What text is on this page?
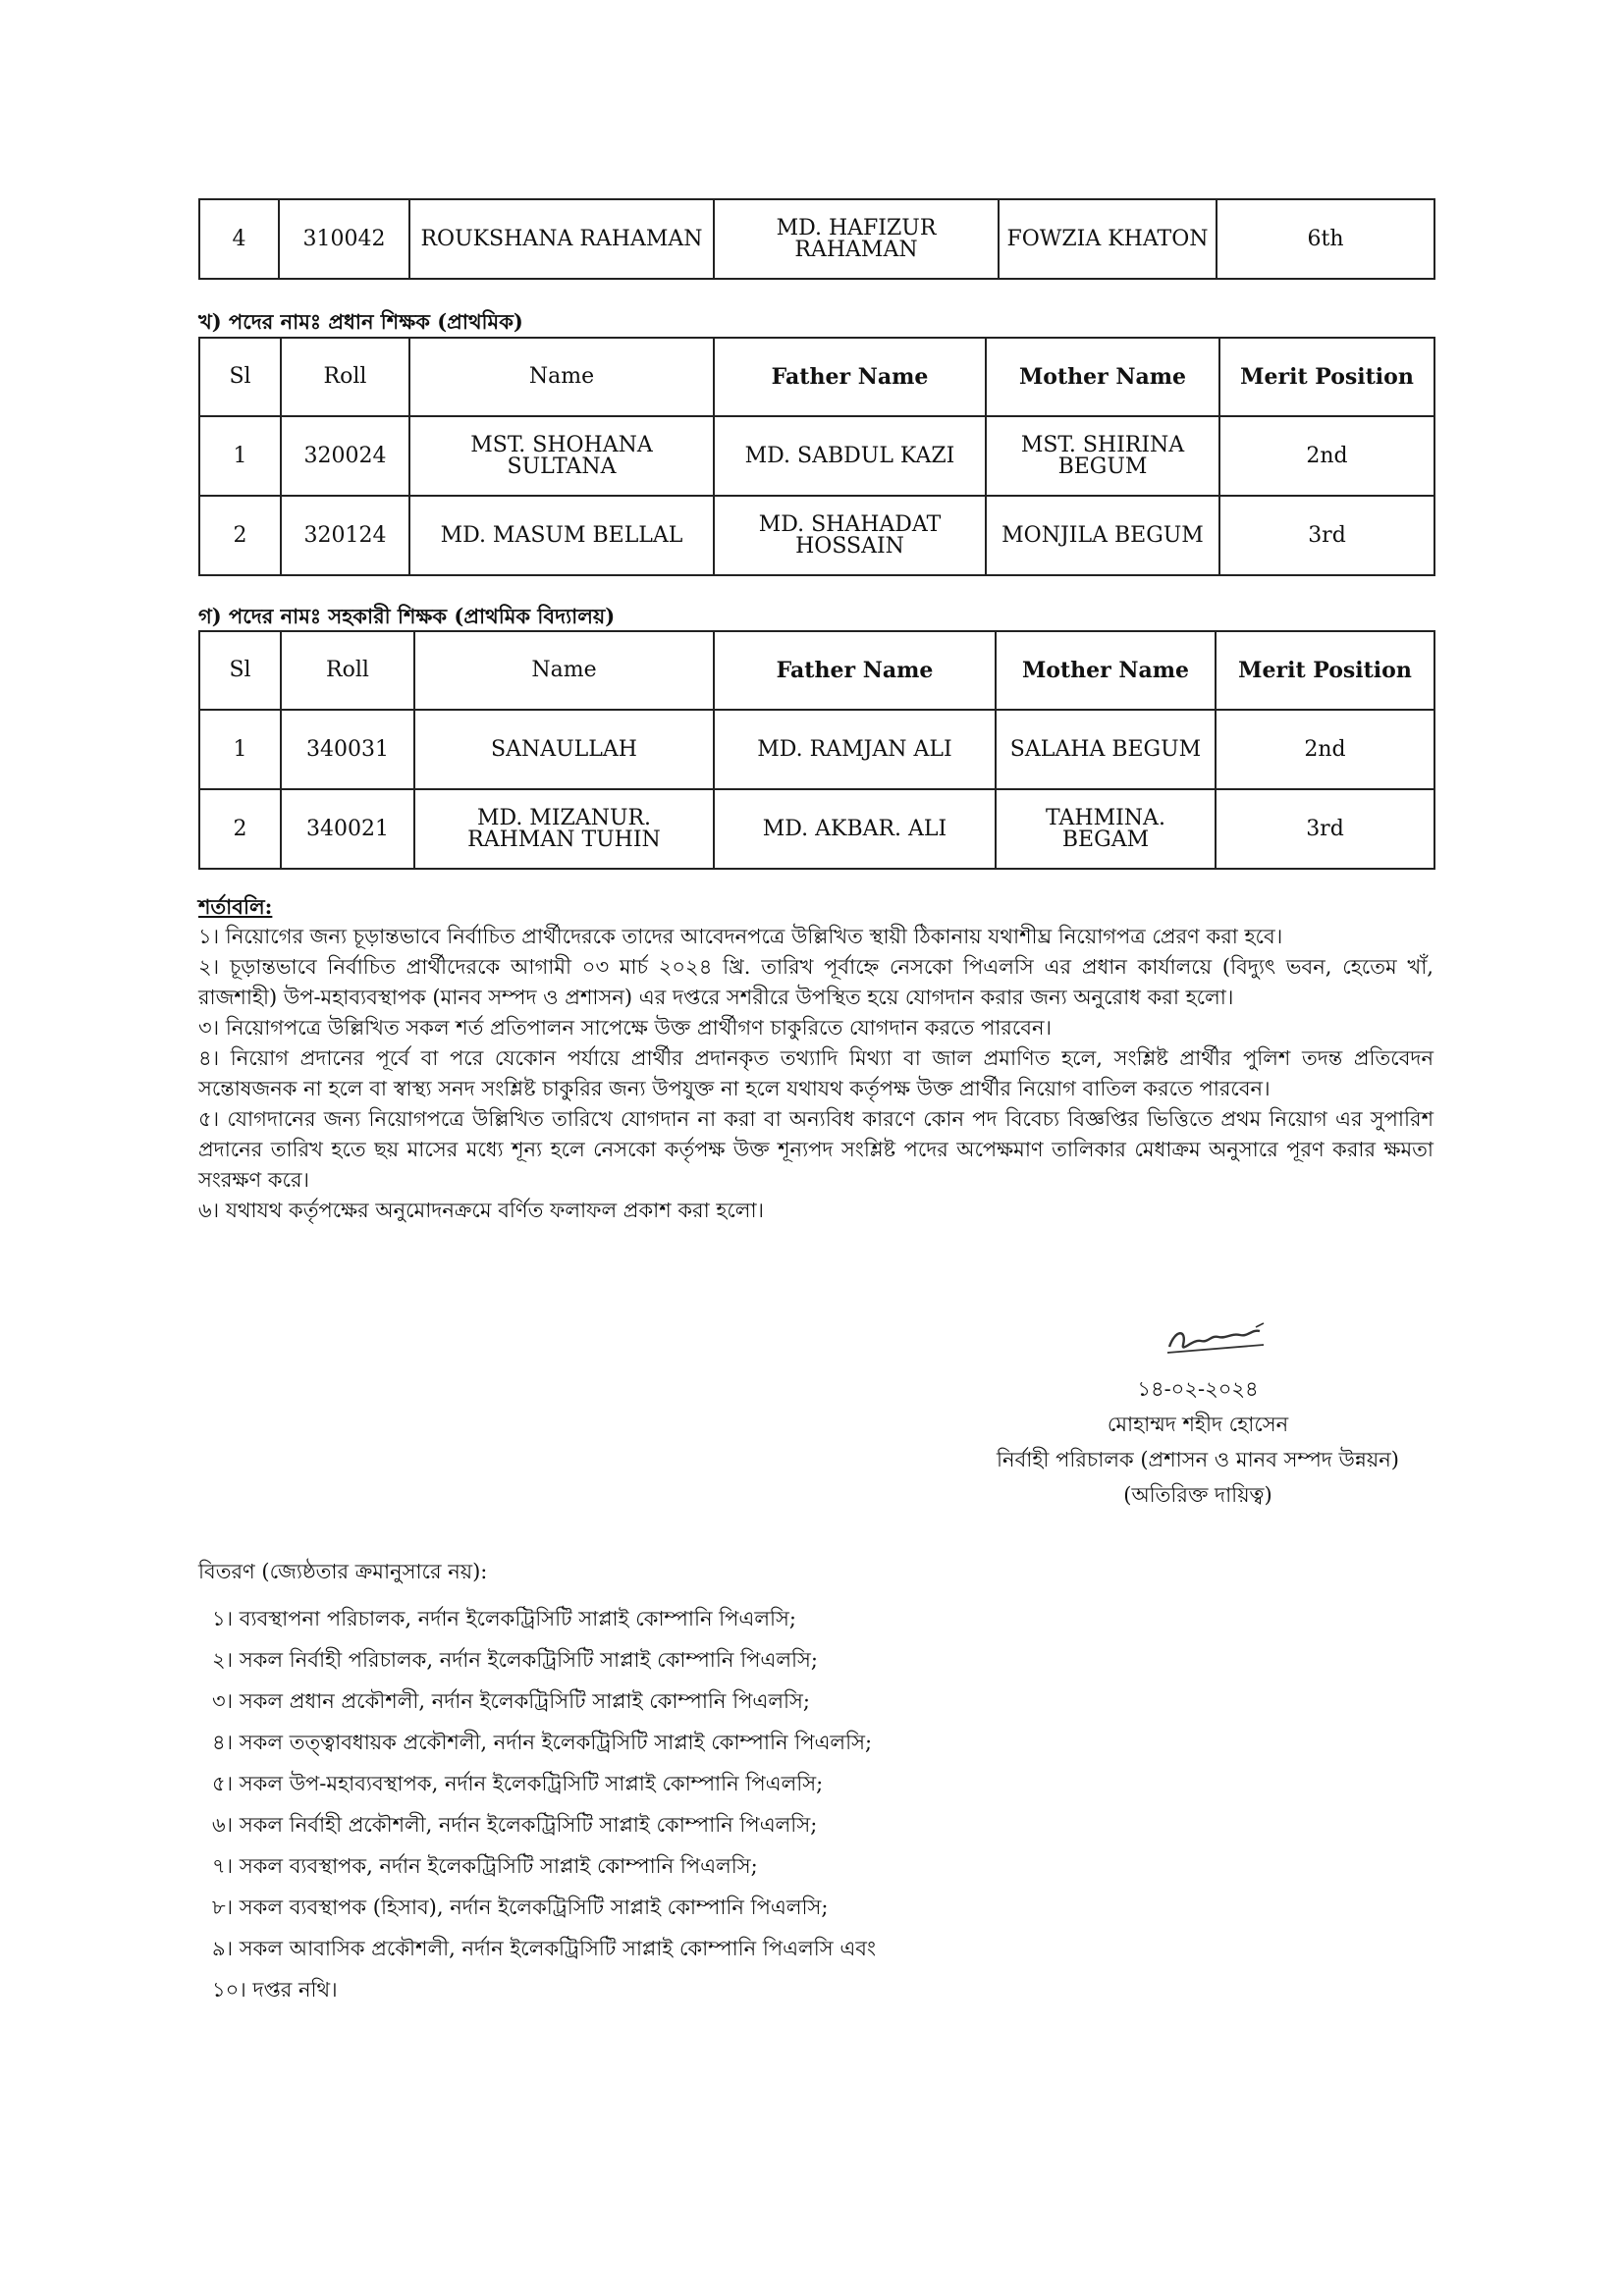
4	310042	ROUKSHANA RAHAMAN	MD. HAFIZUR RAHAMAN	FOWZIA KHATON	6th
খ) পদের নামঃ প্রধান শিক্ষক (প্রাথমিক)
Sl	Roll	Name	Father Name	Mother Name	Merit Position
1	320024	MST. SHOHANA SULTANA	MD. SABDUL KAZI	MST. SHIRINA BEGUM	2nd
2	320124	MD. MASUM BELLAL	MD. SHAHADAT HOSSAIN	MONJILA BEGUM	3rd
গ) পদের নামঃ সহকারী শিক্ষক (প্রাথমিক বিদ্যালয়)
Sl	Roll	Name	Father Name	Mother Name	Merit Position
1	340031	SANAULLAH	MD. RAMJAN ALI	SALAHA BEGUM	2nd
2	340021	MD. MIZANUR. RAHMAN TUHIN	MD. AKBAR. ALI	TAHMINA. BEGAM	3rd
শর্তাবলি:

১। নিয়োগের জন্য চূড়ান্তভাবে নির্বাচিত প্রার্থীদেরকে তাদের আবেদনপত্রে উল্লিখিত স্থায়ী ঠিকানায় যথাশীঘ্র নিয়োগপত্র প্রেরণ করা হবে।

২। চূড়ান্তভাবে নির্বাচিত প্রার্থীদেরকে আগামী ০৩ মার্চ ২০২৪ খ্রি. তারিখ পূর্বাহ্নে নেসকো পিএলসি এর প্রধান কার্যালয়ে (বিদ্যুৎ ভবন, হেতেম খাঁ, রাজশাহী) উপ-মহাব্যবস্থাপক (মানব সম্পদ ও প্রশাসন) এর দপ্তরে সশরীরে উপস্থিত হয়ে যোগদান করার জন্য অনুরোধ করা হলো।

৩। নিয়োগপত্রে উল্লিখিত সকল শর্ত প্রতিপালন সাপেক্ষে উক্ত প্রার্থীগণ চাকুরিতে যোগদান করতে পারবেন।

৪। নিয়োগ প্রদানের পূর্বে বা পরে যেকোন পর্যায়ে প্রার্থীর প্রদানকৃত তথ্যাদি মিথ্যা বা জাল প্রমাণিত হলে, সংশ্লিষ্ট প্রার্থীর পুলিশ তদন্ত প্রতিবেদন সন্তোষজনক না হলে বা স্বাস্থ্য সনদ সংশ্লিষ্ট চাকুরির জন্য উপযুক্ত না হলে যথাযথ কর্তৃপক্ষ উক্ত প্রার্থীর নিয়োগ বাতিল করতে পারবেন।

৫। যোগদানের জন্য নিয়োগপত্রে উল্লিখিত তারিখে যোগদান না করা বা অন্যবিধ কারণে কোন পদ বিবেচ্য বিজ্ঞপ্তির ভিত্তিতে প্রথম নিয়োগ এর সুপারিশ প্রদানের তারিখ হতে ছয় মাসের মধ্যে শূন্য হলে নেসকো কর্তৃপক্ষ উক্ত শূন্যপদ সংশ্লিষ্ট পদের অপেক্ষমাণ তালিকার মেধাক্রম অনুসারে পূরণ করার ক্ষমতা সংরক্ষণ করে।

৬। যথাযথ কর্তৃপক্ষের অনুমোদনক্রমে বর্ণিত ফলাফল প্রকাশ করা হলো।

১৪-০২-২০২৪
মোহাম্মদ শহীদ হোসেন
নির্বাহী পরিচালক (প্রশাসন ও মানব সম্পদ উন্নয়ন)
(অতিরিক্ত দায়িত্ব)
বিতরণ (জ্যেষ্ঠতার ক্রমানুসারে নয়):
১। ব্যবস্থাপনা পরিচালক, নর্দান ইলেকট্রিসিটি সাপ্লাই কোম্পানি পিএলসি;
২। সকল নির্বাহী পরিচালক, নর্দান ইলেকট্রিসিটি সাপ্লাই কোম্পানি পিএলসি;
৩। সকল প্রধান প্রকৌশলী, নর্দান ইলেকট্রিসিটি সাপ্লাই কোম্পানি পিএলসি;
৪। সকল তত্ত্বাবধায়ক প্রকৌশলী, নর্দান ইলেকট্রিসিটি সাপ্লাই কোম্পানি পিএলসি;
৫। সকল উপ-মহাব্যবস্থাপক, নর্দান ইলেকট্রিসিটি সাপ্লাই কোম্পানি পিএলসি;
৬। সকল নির্বাহী প্রকৌশলী, নর্দান ইলেকট্রিসিটি সাপ্লাই কোম্পানি পিএলসি;
৭। সকল ব্যবস্থাপক, নর্দান ইলেকট্রিসিটি সাপ্লাই কোম্পানি পিএলসি;
৮। সকল ব্যবস্থাপক (হিসাব), নর্দান ইলেকট্রিসিটি সাপ্লাই কোম্পানি পিএলসি;
৯। সকল আবাসিক প্রকৌশলী, নর্দান ইলেকট্রিসিটি সাপ্লাই কোম্পানি পিএলসি এবং
১০। দপ্তর নথি।
